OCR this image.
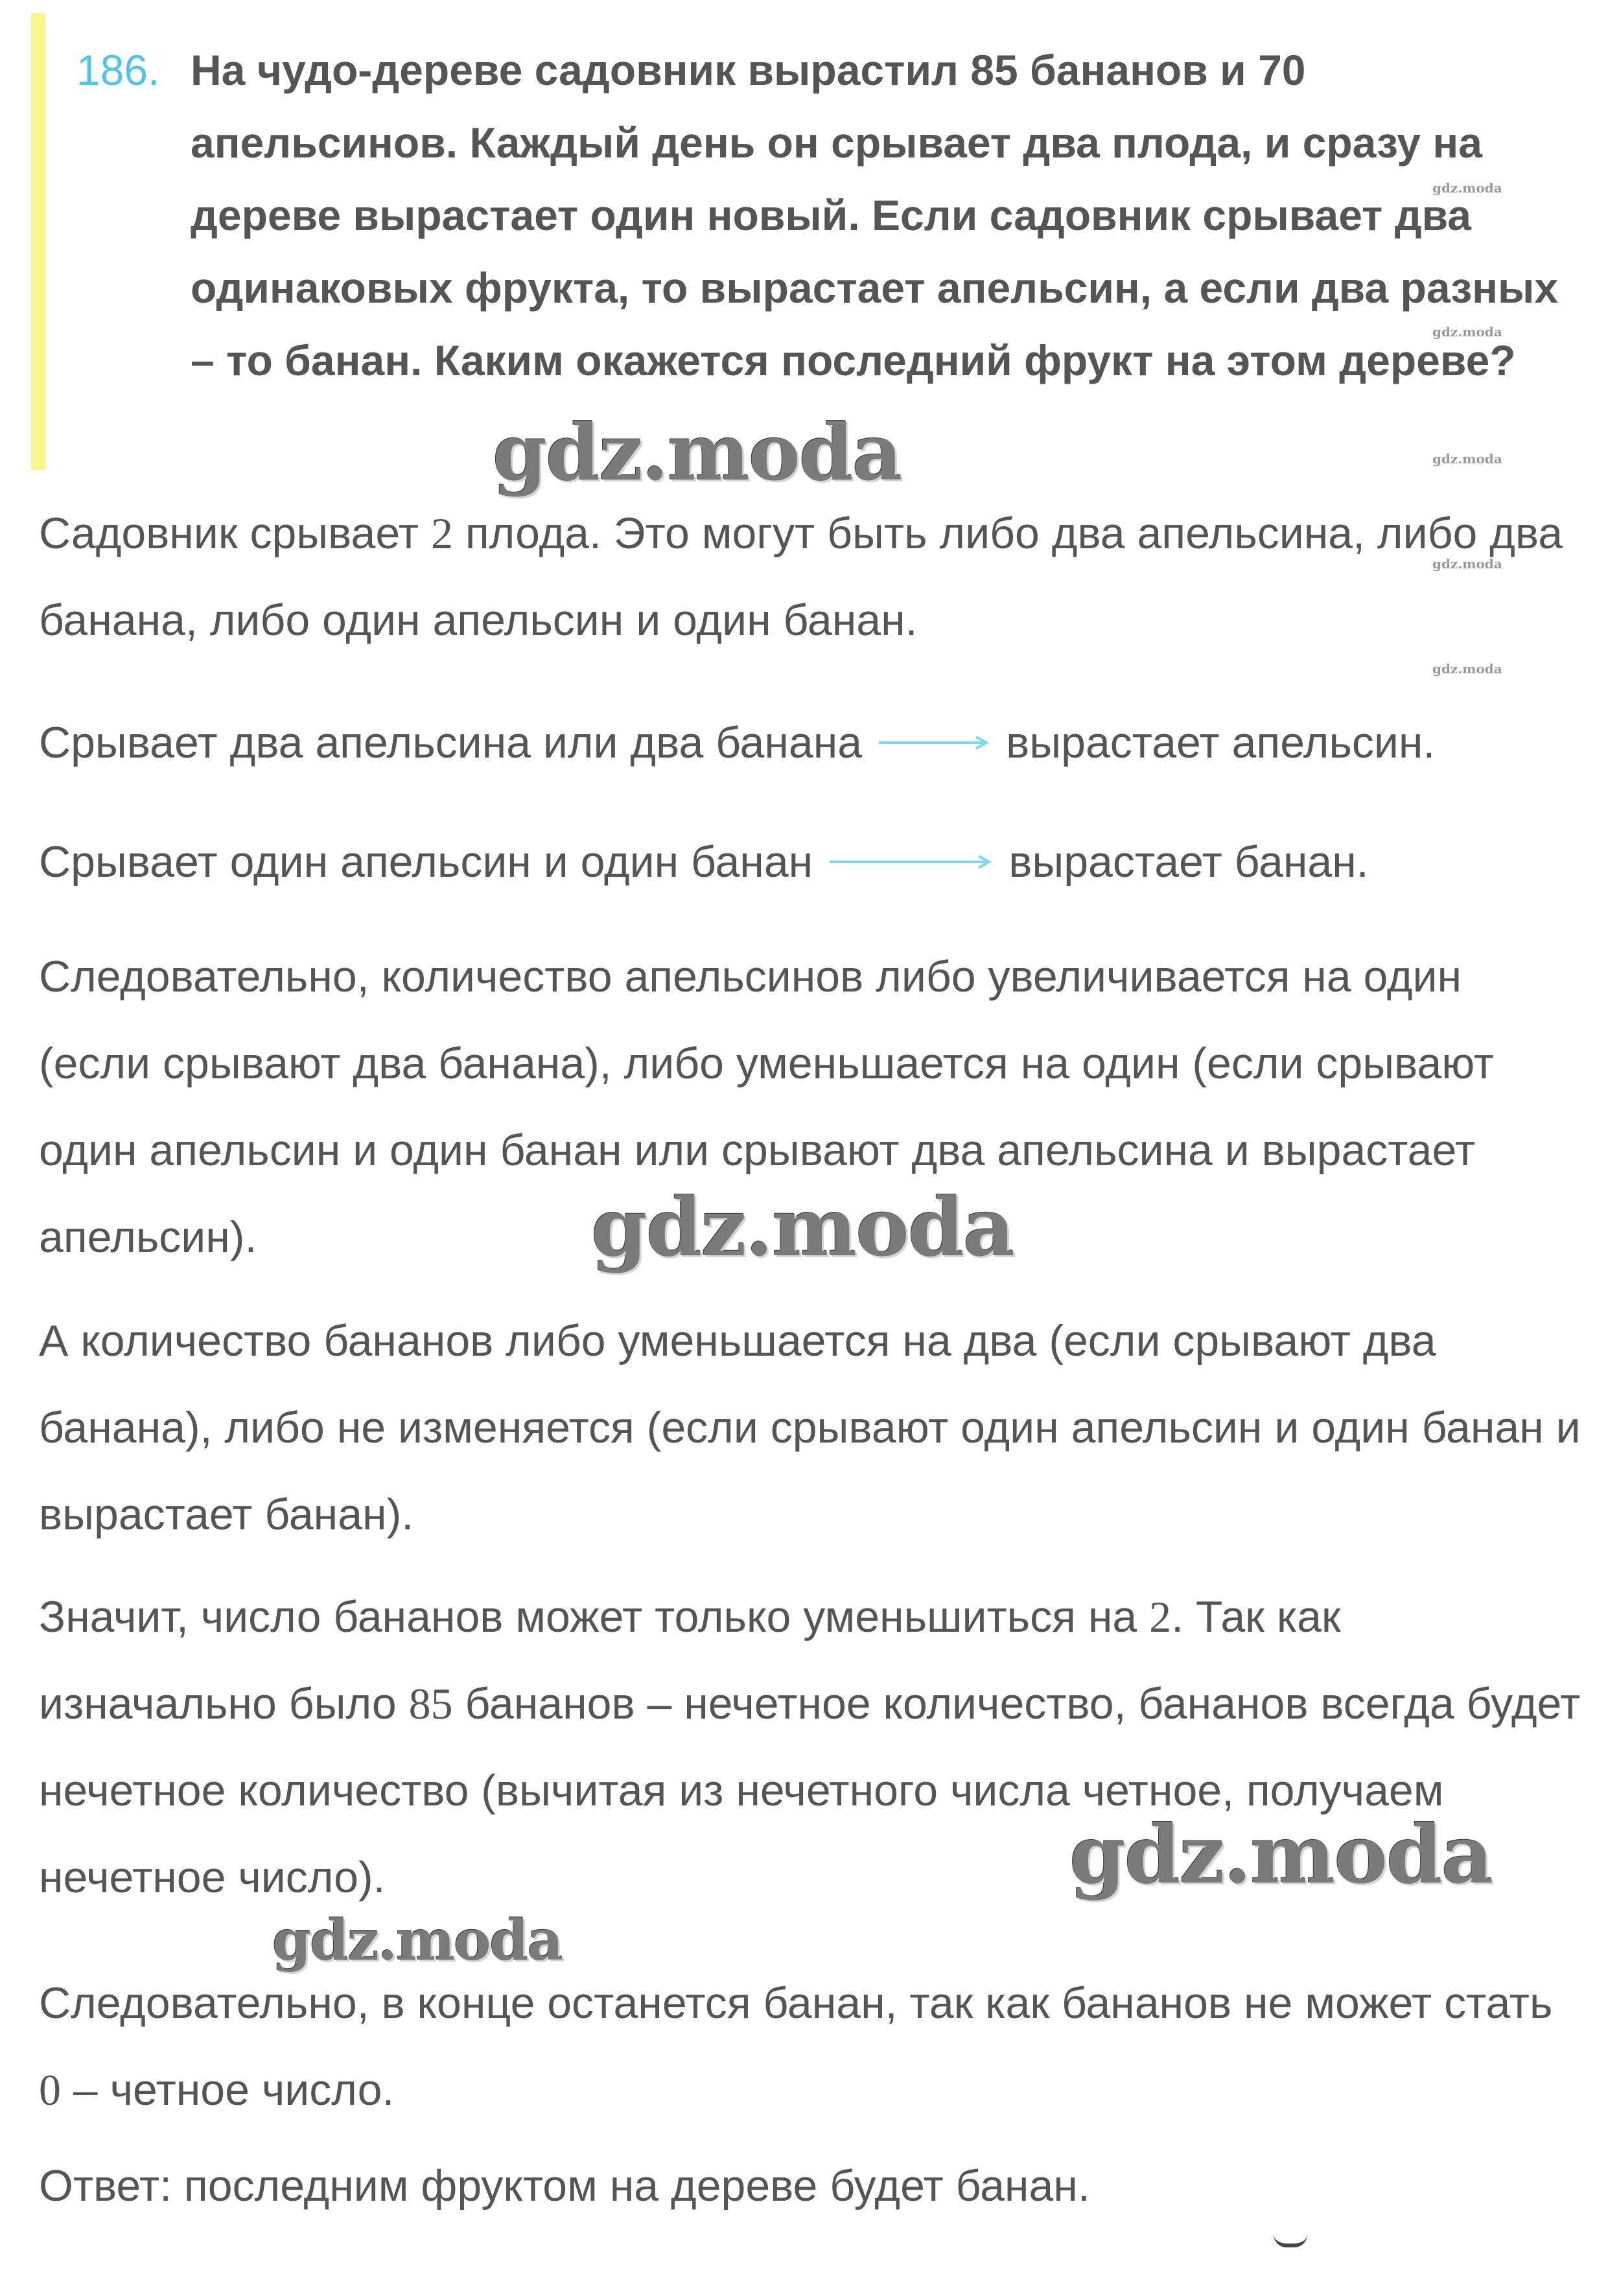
186. На чудо-дереве садовник вырастил 85 бананов и 70 апельсинов. Каждый день он срывает два плода, и сразу на дереве вырастает один новый. Если садовник срывает два одинаковых фрукта, то вырастает апельсин, а если два разных – то банан. Каким окажется последний фрукт на этом дереве?

Садовник срывает 2 плода. Это могут быть либо два апельсина, либо два банана, либо один апельсин и один банан.

Срывает два апельсина или два банана	вырастает апельсин.
Срывает один апельсин и один банан	вырастает банан.

Следовательно, количество апельсинов либо увеличивается на один (если срывают два банана), либо уменьшается на один (если срывают один апельсин и один банан или срывают два апельсина и вырастает апельсин).

А количество бананов либо уменьшается на два (если срывают два банана), либо не изменяется (если срывают один апельсин и один банан и вырастает банан).

Значит, число бананов может только уменьшиться на 2. Так как изначально было 85 бананов – нечетное количество, бананов всегда будет нечетное количество (вычитая из нечетного числа четное, получаем нечетное число).

Следовательно, в конце останется банан, так как бананов не может стать 0 – четное число.

Ответ: последним фруктом на дереве будет банан.

gdz.moda
gdz.moda
gdz.moda
gdz.moda
gdz.moda
gdz.moda
gdz.moda
gdz.moda
gdz.moda
